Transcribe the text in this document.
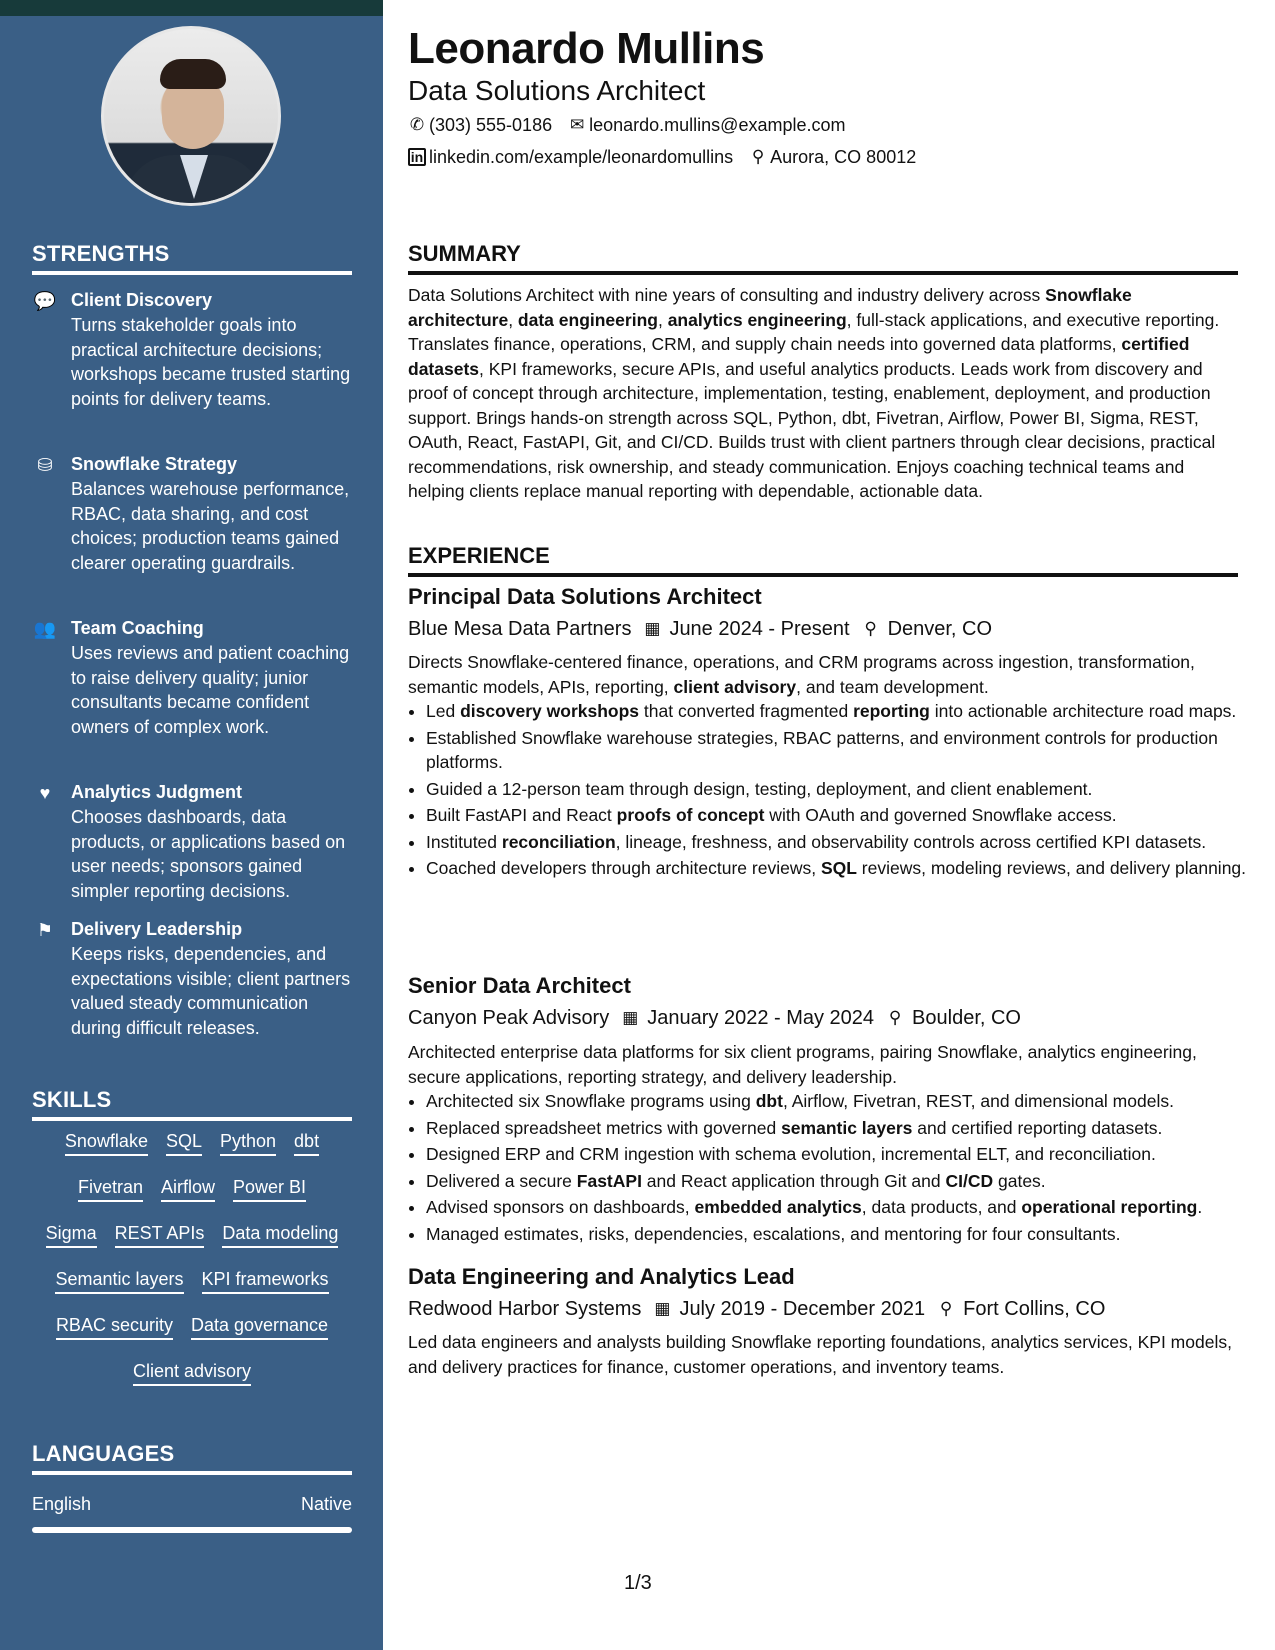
STRENGTHS
💬 Client Discovery
Turns stakeholder goals into practical architecture decisions; workshops became trusted starting points for delivery teams.
⛁	Snowflake Strategy
Balances warehouse performance, RBAC, data sharing, and cost choices; production teams gained clearer operating guardrails.
👥 Team Coaching
Uses reviews and patient coaching to raise delivery quality; junior consultants became confident owners of complex work.
♥	Analytics Judgment
Chooses dashboards, data products, or applications based on user needs; sponsors gained simpler reporting decisions.
⚑ Delivery Leadership
Keeps risks, dependencies, and expectations visible; client partners valued steady communication during difficult releases.
SKILLS
Snowflake SQL Python dbt
Fivetran Airflow Power BI
Sigma REST APIs Data modeling
Semantic layers KPI frameworks
RBAC security Data governance
Client advisory
LANGUAGES
English	Native
Leonardo Mullins
Data Solutions Architect
✆ (303) 555-0186 ✉ leonardo.mullins@example.com
in linkedin.com/example/leonardomullins ⚲ Aurora, CO 80012
SUMMARY
Data Solutions Architect with nine years of consulting and industry delivery across Snowflake architecture, data engineering, analytics engineering, full-stack applications, and executive reporting. Translates finance, operations, CRM, and supply chain needs into governed data platforms, certified datasets, KPI frameworks, secure APIs, and useful analytics products. Leads work from discovery and proof of concept through architecture, implementation, testing, enablement, deployment, and production support. Brings hands-on strength across SQL, Python, dbt, Fivetran, Airflow, Power BI, Sigma, REST, OAuth, React, FastAPI, Git, and CI/CD. Builds trust with client partners through clear decisions, practical recommendations, risk ownership, and steady communication. Enjoys coaching technical teams and helping clients replace manual reporting with dependable, actionable data.
EXPERIENCE
Principal Data Solutions Architect
Blue Mesa Data Partners ▦ June 2024 - Present ⚲ Denver, CO
Directs Snowflake-centered finance, operations, and CRM programs across ingestion, transformation, semantic models, APIs, reporting, client advisory, and team development.
• Led discovery workshops that converted fragmented reporting into actionable architecture road maps.
• Established Snowflake warehouse strategies, RBAC patterns, and environment controls for production platforms.
• Guided a 12-person team through design, testing, deployment, and client enablement.
• Built FastAPI and React proofs of concept with OAuth and governed Snowflake access.
• Instituted reconciliation, lineage, freshness, and observability controls across certified KPI datasets.
• Coached developers through architecture reviews, SQL reviews, modeling reviews, and delivery planning.
Senior Data Architect
Canyon Peak Advisory ▦ January 2022 - May 2024 ⚲ Boulder, CO
Architected enterprise data platforms for six client programs, pairing Snowflake, analytics engineering, secure applications, reporting strategy, and delivery leadership.
• Architected six Snowflake programs using dbt, Airflow, Fivetran, REST, and dimensional models.
• Replaced spreadsheet metrics with governed semantic layers and certified reporting datasets.
• Designed ERP and CRM ingestion with schema evolution, incremental ELT, and reconciliation.
• Delivered a secure FastAPI and React application through Git and CI/CD gates.
• Advised sponsors on dashboards, embedded analytics, data products, and operational reporting.
• Managed estimates, risks, dependencies, escalations, and mentoring for four consultants.
Data Engineering and Analytics Lead
Redwood Harbor Systems ▦ July 2019 - December 2021 ⚲ Fort Collins, CO
Led data engineers and analysts building Snowflake reporting foundations, analytics services, KPI models, and delivery practices for finance, customer operations, and inventory teams.
1/3
